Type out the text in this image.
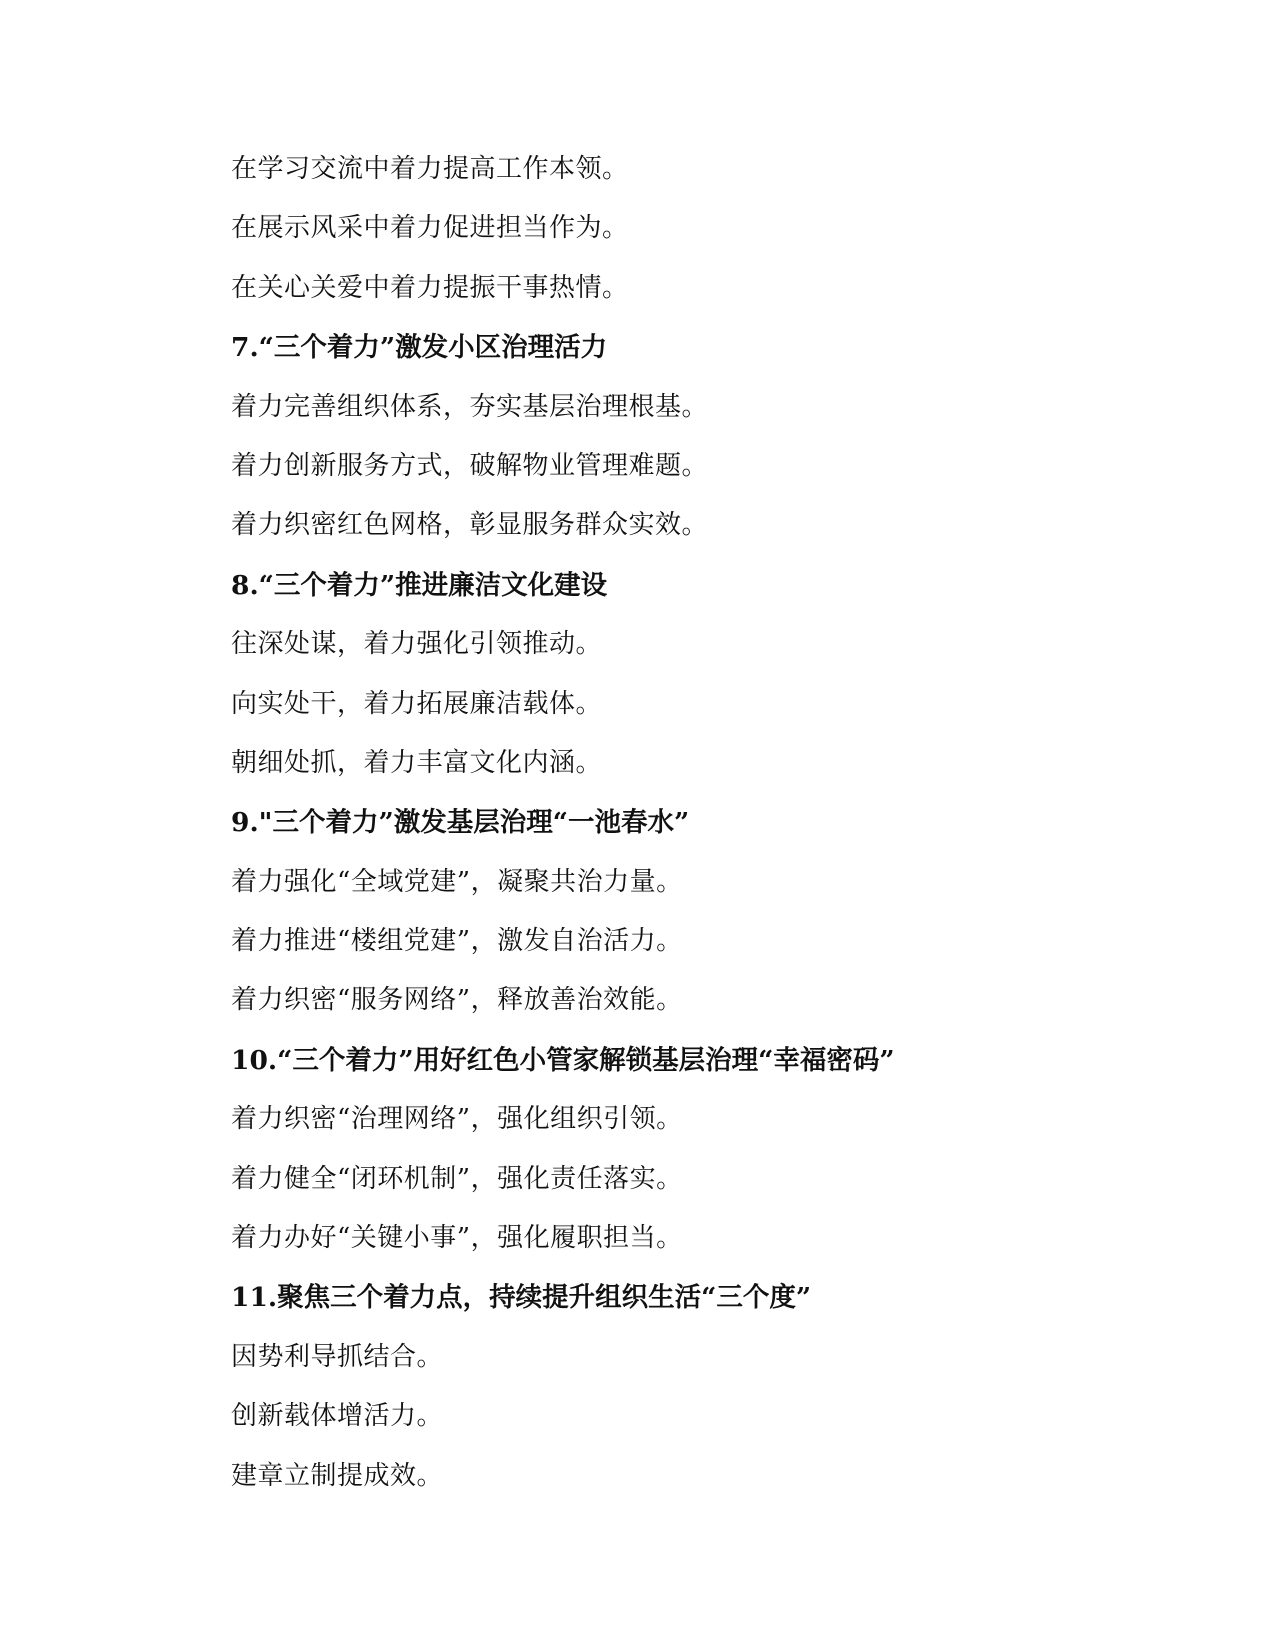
在学习交流中着力提高工作本领。
在展示风采中着力促进担当作为。
在关心关爱中着力提振干事热情。
7.“三个着力”激发小区治理活力
着力完善组织体系，夯实基层治理根基。
着力创新服务方式，破解物业管理难题。
着力织密红色网格，彰显服务群众实效。
8.“三个着力”推进廉洁文化建设
往深处谋，着力强化引领推动。
向实处干，着力拓展廉洁载体。
朝细处抓，着力丰富文化内涵。
9."三个着力”激发基层治理“一池春水”
着力强化“全域党建”，凝聚共治力量。
着力推进“楼组党建”，激发自治活力。
着力织密“服务网络”，释放善治效能。
10.“三个着力”用好红色小管家解锁基层治理“幸福密码”
着力织密“治理网络”，强化组织引领。
着力健全“闭环机制”，强化责任落实。
着力办好“关键小事”，强化履职担当。
11.聚焦三个着力点，持续提升组织生活“三个度”
因势利导抓结合。
创新载体增活力。
建章立制提成效。
